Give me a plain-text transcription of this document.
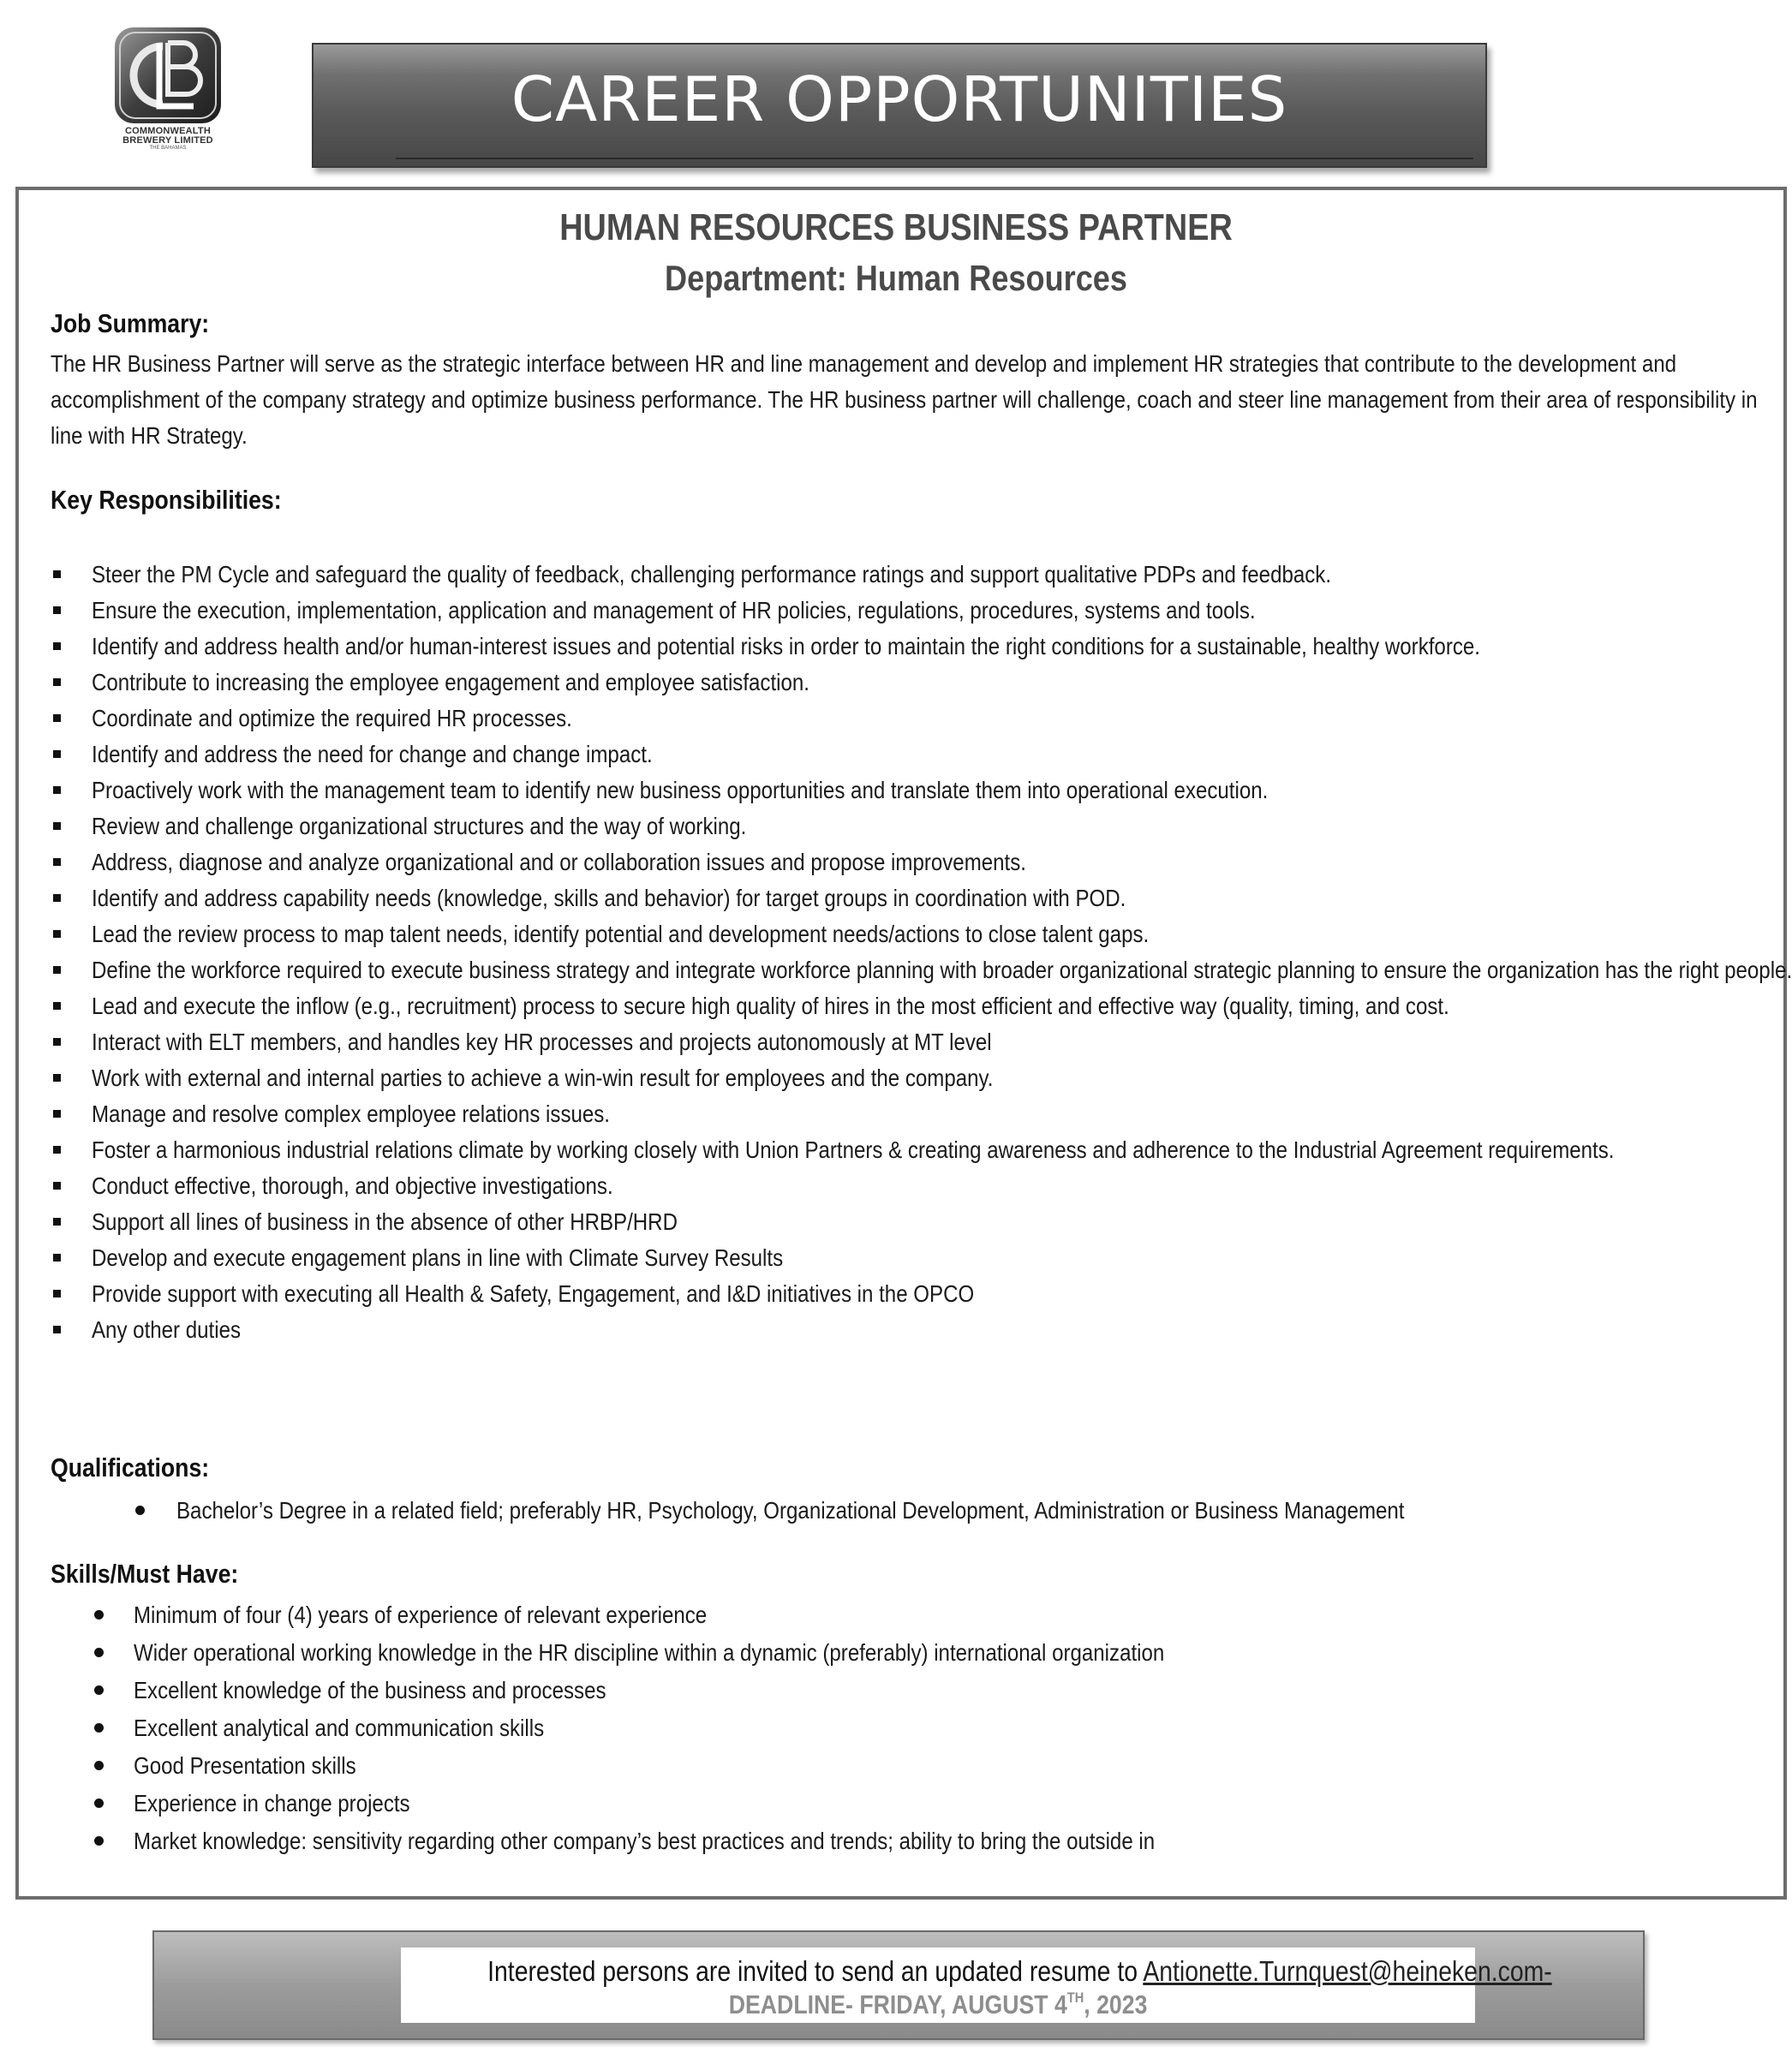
COMMONWEALTH
BREWERY LIMITED
THE BAHAMAS
CAREER OPPORTUNITIES
HUMAN RESOURCES BUSINESS PARTNER
Department: Human Resources
Job Summary:
The HR Business Partner will serve as the strategic interface between HR and line management and develop and implement HR strategies that contribute to the development and accomplishment of the company strategy and optimize business performance. The HR business partner will challenge, coach and steer line management from their area of responsibility in line with HR Strategy.
Key Responsibilities:
Steer the PM Cycle and safeguard the quality of feedback, challenging performance ratings and support qualitative PDPs and feedback.
Ensure the execution, implementation, application and management of HR policies, regulations, procedures, systems and tools.
Identify and address health and/or human-interest issues and potential risks in order to maintain the right conditions for a sustainable, healthy workforce.
Contribute to increasing the employee engagement and employee satisfaction.
Coordinate and optimize the required HR processes.
Identify and address the need for change and change impact.
Proactively work with the management team to identify new business opportunities and translate them into operational execution.
Review and challenge organizational structures and the way of working.
Address, diagnose and analyze organizational and or collaboration issues and propose improvements.
Identify and address capability needs (knowledge, skills and behavior) for target groups in coordination with POD.
Lead the review process to map talent needs, identify potential and development needs/actions to close talent gaps.
Define the workforce required to execute business strategy and integrate workforce planning with broader organizational strategic planning to ensure the organization has the right people.
Lead and execute the inflow (e.g., recruitment) process to secure high quality of hires in the most efficient and effective way (quality, timing, and cost.
Interact with ELT members, and handles key HR processes and projects autonomously at MT level
Work with external and internal parties to achieve a win-win result for employees and the company.
Manage and resolve complex employee relations issues.
Foster a harmonious industrial relations climate by working closely with Union Partners & creating awareness and adherence to the Industrial Agreement requirements.
Conduct effective, thorough, and objective investigations.
Support all lines of business in the absence of other HRBP/HRD
Develop and execute engagement plans in line with Climate Survey Results
Provide support with executing all Health & Safety, Engagement, and I&D initiatives in the OPCO
Any other duties
Qualifications:
Bachelor’s Degree in a related field; preferably HR, Psychology, Organizational Development, Administration or Business Management
Skills/Must Have:
Minimum of four (4) years of experience of relevant experience
Wider operational working knowledge in the HR discipline within a dynamic (preferably) international organization
Excellent knowledge of the business and processes
Excellent analytical and communication skills
Good Presentation skills
Experience in change projects
Market knowledge: sensitivity regarding other company’s best practices and trends; ability to bring the outside in
Interested persons are invited to send an updated resume to Antionette.Turnquest@heineken.com-
DEADLINE- FRIDAY, AUGUST 4TH, 2023
